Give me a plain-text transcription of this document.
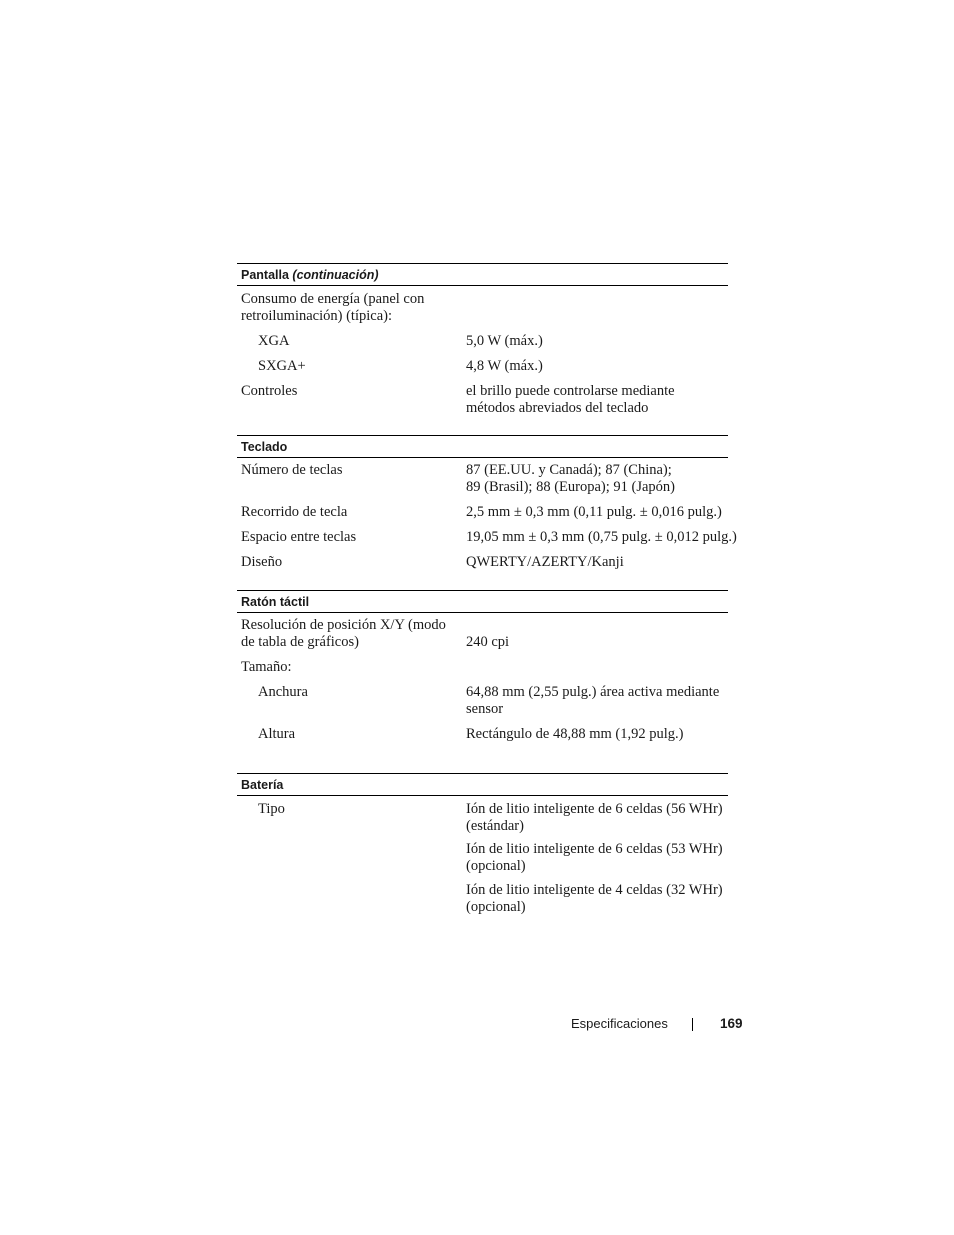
Pantalla (continuación)
Consumo de energía (panel con retroiluminación) (típica):
XGA	5,0 W (máx.)
SXGA+	4,8 W (máx.)
Controles	el brillo puede controlarse mediante métodos abreviados del teclado
Teclado
Número de teclas	87 (EE.UU. y Canadá); 87 (China);
89 (Brasil); 88 (Europa); 91 (Japón)
Recorrido de tecla	2,5 mm ± 0,3 mm (0,11 pulg. ± 0,016 pulg.)
Espacio entre teclas	19,05 mm ± 0,3 mm (0,75 pulg. ± 0,012 pulg.)
Diseño	QWERTY/AZERTY/Kanji
Ratón táctil
Resolución de posición X/Y (modo de tabla de gráficos)	240 cpi
Tamaño:
Anchura	64,88 mm (2,55 pulg.) área activa mediante sensor
Altura	Rectángulo de 48,88 mm (1,92 pulg.)
Batería
Tipo	Ión de litio inteligente de 6 celdas (56 WHr) (estándar)
Ión de litio inteligente de 6 celdas (53 WHr) (opcional)
Ión de litio inteligente de 4 celdas (32 WHr) (opcional)
Especificaciones	169
